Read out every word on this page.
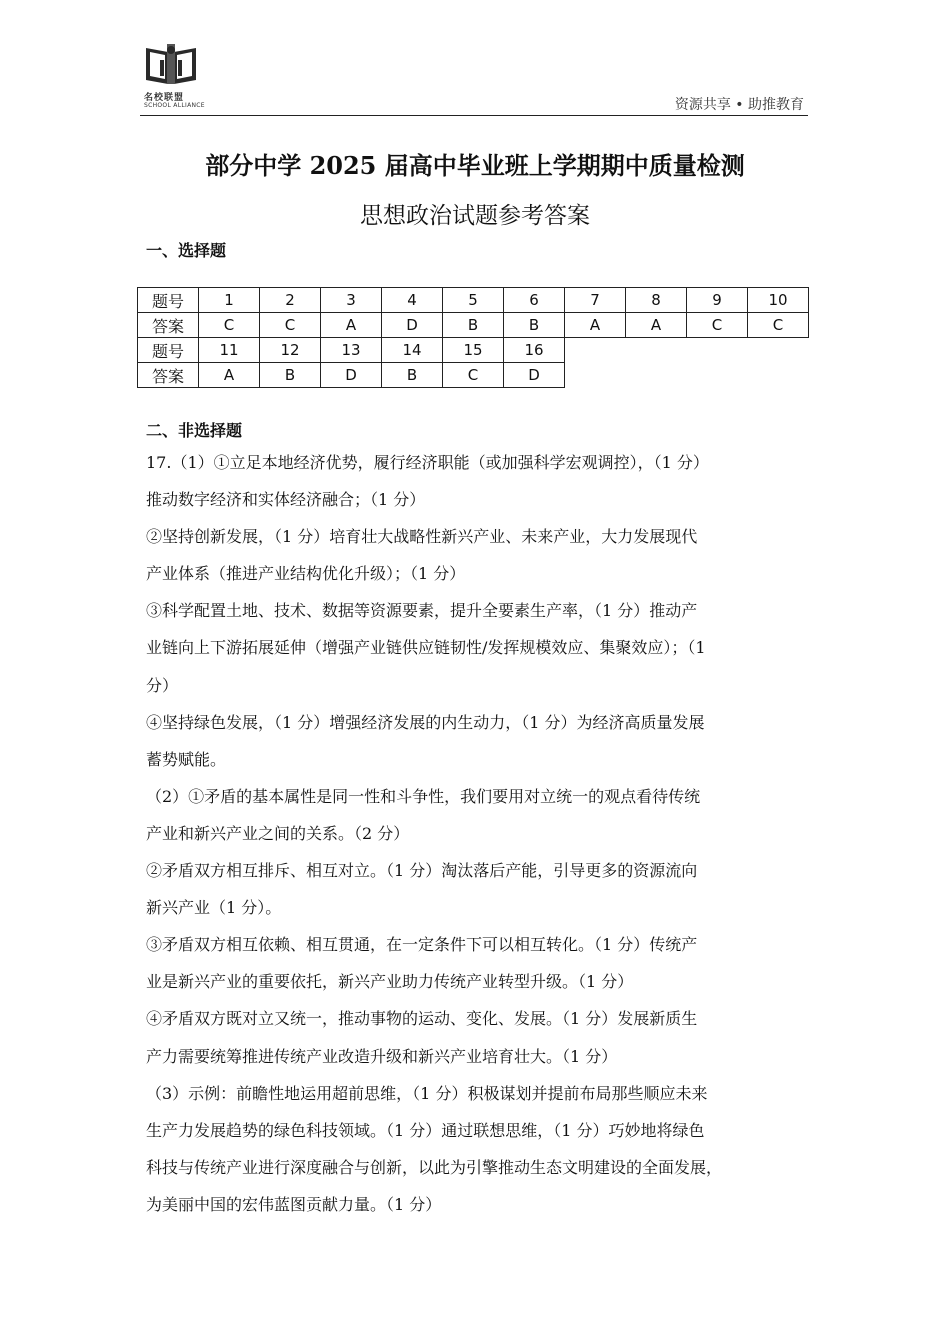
名校联盟
SCHOOL ALLIANCE	资源共享 • 助推教育
部分中学 2025 届高中毕业班上学期期中质量检测
思想政治试题参考答案
一、选择题
题号	1	2	3	4	5	6	7	8	9	10
答案	C	C	A	D	B	B	A	A	C	C
题号	11	12	13	14	15	16				
答案	A	B	D	B	C	D				
二、非选择题

17.（1）①立足本地经济优势，履行经济职能（或加强科学宏观调控），（1 分）

推动数字经济和实体经济融合；（1 分）

②坚持创新发展，（1 分）培育壮大战略性新兴产业、未来产业，大力发展现代

产业体系（推进产业结构优化升级）；（1 分）

③科学配置土地、技术、数据等资源要素，提升全要素生产率，（1 分）推动产

业链向上下游拓展延伸（增强产业链供应链韧性/发挥规模效应、集聚效应）；（1

分）

④坚持绿色发展，（1 分）增强经济发展的内生动力，（1 分）为经济高质量发展

蓄势赋能。

（2）①矛盾的基本属性是同一性和斗争性，我们要用对立统一的观点看待传统

产业和新兴产业之间的关系。（2 分）

②矛盾双方相互排斥、相互对立。（1 分）淘汰落后产能，引导更多的资源流向

新兴产业（1 分）。

③矛盾双方相互依赖、相互贯通，在一定条件下可以相互转化。（1 分）传统产

业是新兴产业的重要依托，新兴产业助力传统产业转型升级。（1 分）

④矛盾双方既对立又统一，推动事物的运动、变化、发展。（1 分）发展新质生

产力需要统筹推进传统产业改造升级和新兴产业培育壮大。（1 分）

（3）示例：前瞻性地运用超前思维，（1 分）积极谋划并提前布局那些顺应未来

生产力发展趋势的绿色科技领域。（1 分）通过联想思维，（1 分）巧妙地将绿色

科技与传统产业进行深度融合与创新，以此为引擎推动生态文明建设的全面发展，

为美丽中国的宏伟蓝图贡献力量。（1 分）
